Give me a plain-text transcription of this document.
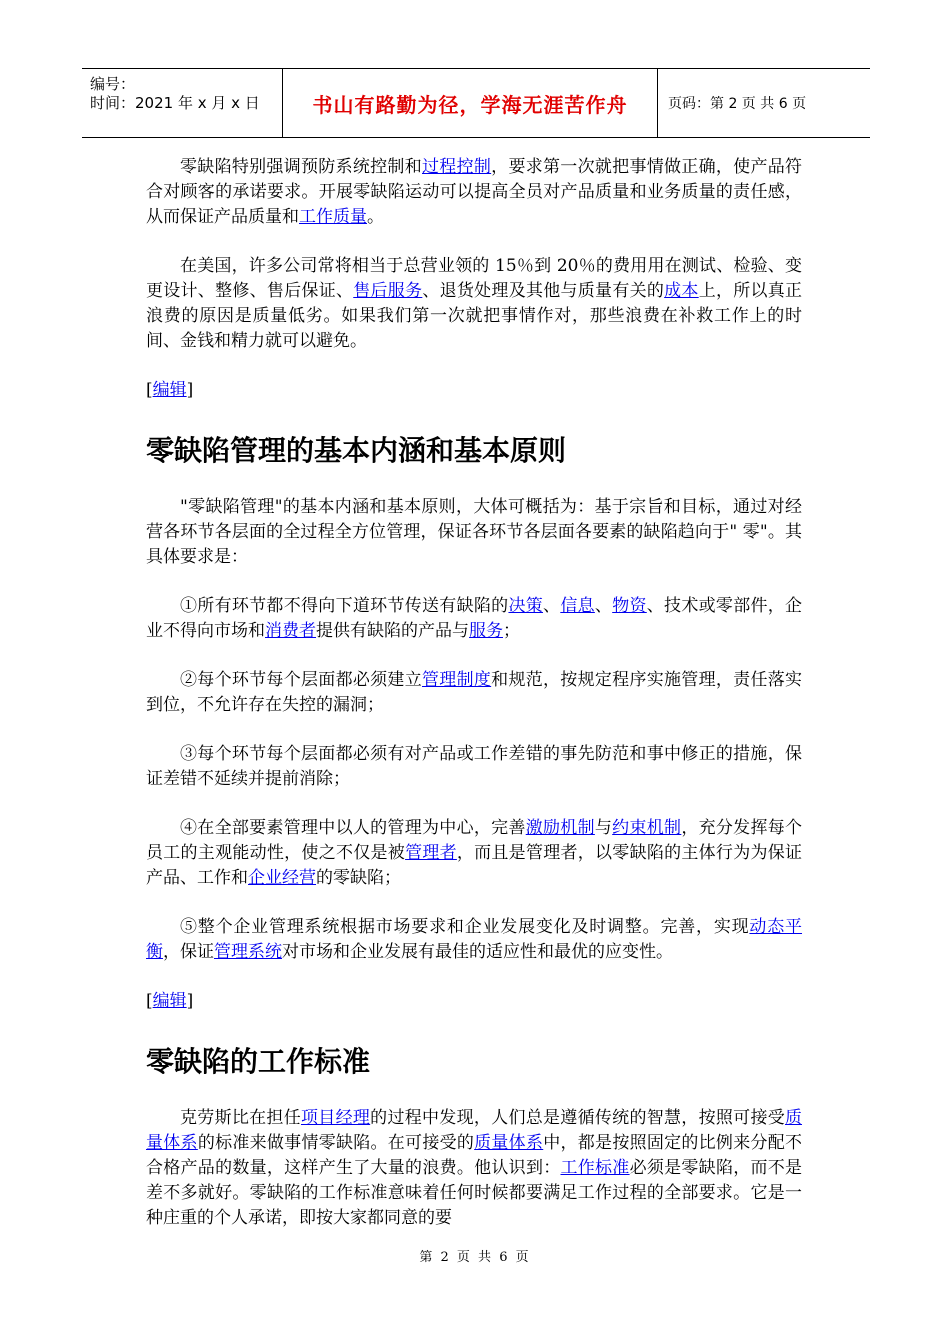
编号：
时间：2021 年 x 月 x 日	书山有路勤为径，学海无涯苦作舟	页码：第 2 页 共 6 页

零缺陷特别强调预防系统控制和过程控制，要求第一次就把事情做正确，使产品符合对顾客的承诺要求。开展零缺陷运动可以提高全员对产品质量和业务质量的责任感，从而保证产品质量和工作质量。

在美国，许多公司常将相当于总营业领的 15％到 20％的费用用在测试、检验、变更设计、整修、售后保证、售后服务、退货处理及其他与质量有关的成本上，所以真正浪费的原因是质量低劣。如果我们第一次就把事情作对，那些浪费在补救工作上的时间、金钱和精力就可以避免。

[编辑]

零缺陷管理的基本内涵和基本原则

"零缺陷管理"的基本内涵和基本原则，大体可概括为：基于宗旨和目标，通过对经营各环节各层面的全过程全方位管理，保证各环节各层面各要素的缺陷趋向于" 零"。其具体要求是：

①所有环节都不得向下道环节传送有缺陷的决策、信息、物资、技术或零部件，企业不得向市场和消费者提供有缺陷的产品与服务；

②每个环节每个层面都必须建立管理制度和规范，按规定程序实施管理，责任落实到位，不允许存在失控的漏洞；

③每个环节每个层面都必须有对产品或工作差错的事先防范和事中修正的措施，保证差错不延续并提前消除；

④在全部要素管理中以人的管理为中心，完善激励机制与约束机制，充分发挥每个员工的主观能动性，使之不仅是被管理者，而且是管理者，以零缺陷的主体行为为保证产品、工作和企业经营的零缺陷；

⑤整个企业管理系统根据市场要求和企业发展变化及时调整。完善，实现动态平衡，保证管理系统对市场和企业发展有最佳的适应性和最优的应变性。

[编辑]

零缺陷的工作标准

克劳斯比在担任项目经理的过程中发现，人们总是遵循传统的智慧，按照可接受质量体系的标准来做事情零缺陷。在可接受的质量体系中，都是按照固定的比例来分配不合格产品的数量，这样产生了大量的浪费。他认识到：工作标准必须是零缺陷，而不是差不多就好。零缺陷的工作标准意味着任何时候都要满足工作过程的全部要求。它是一种庄重的个人承诺，即按大家都同意的要

第 2 页 共 6 页
